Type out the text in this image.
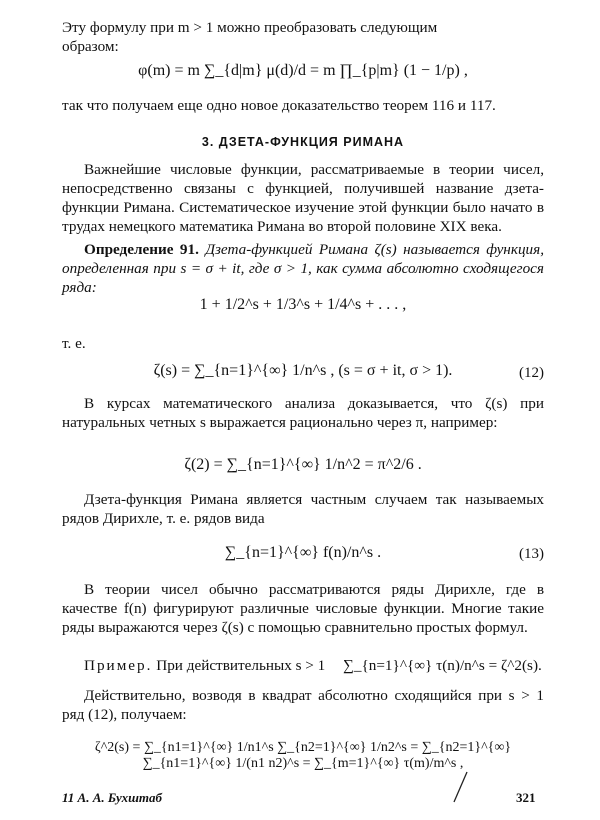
Эту формулу при m > 1 можно преобразовать следующим
образом:
φ(m) = m ∑_{d|m} μ(d)/d = m ∏_{p|m} (1 − 1/p) ,
так что получаем еще одно новое доказательство теорем 116 и 117.
3. ДЗЕТА-ФУНКЦИЯ РИМАНА
Важнейшие числовые функции, рассматриваемые в теории чисел, непосредственно связаны с функцией, получившей название дзета-функции Римана. Систематическое изучение этой функции было начато в трудах немецкого математика Римана во второй половине XIX века.
Определение 91. Дзета-функцией Римана ζ(s) называется функция, определенная при s = σ + it, где σ > 1, как сумма абсолютно сходящегося ряда:
1 + 1/2^s + 1/3^s + 1/4^s + . . . ,
т. е.
ζ(s) = ∑_{n=1}^{∞} 1/n^s , (s = σ + it, σ > 1).	(12)
В курсах математического анализа доказывается, что ζ(s) при натуральных четных s выражается рационально через π, например:
ζ(2) = ∑_{n=1}^{∞} 1/n^2 = π^2/6 .
Дзета-функция Римана является частным случаем так называемых рядов Дирихле, т. е. рядов вида
∑_{n=1}^{∞} f(n)/n^s .	(13)
В теории чисел обычно рассматриваются ряды Дирихле, где в качестве f(n) фигурируют различные числовые функции. Многие такие ряды выражаются через ζ(s) с помощью сравнительно простых формул.
Пример. При действительных s > 1 ∑_{n=1}^{∞} τ(n)/n^s = ζ^2(s).
Действительно, возводя в квадрат абсолютно сходящийся при s > 1 ряд (12), получаем:
ζ^2(s) = ∑_{n1=1}^{∞} 1/n1^s ∑_{n2=1}^{∞} 1/n2^s = ∑_{n2=1}^{∞} ∑_{n1=1}^{∞} 1/(n1 n2)^s = ∑_{m=1}^{∞} τ(m)/m^s ,
11 А. А. Бухштаб	321
